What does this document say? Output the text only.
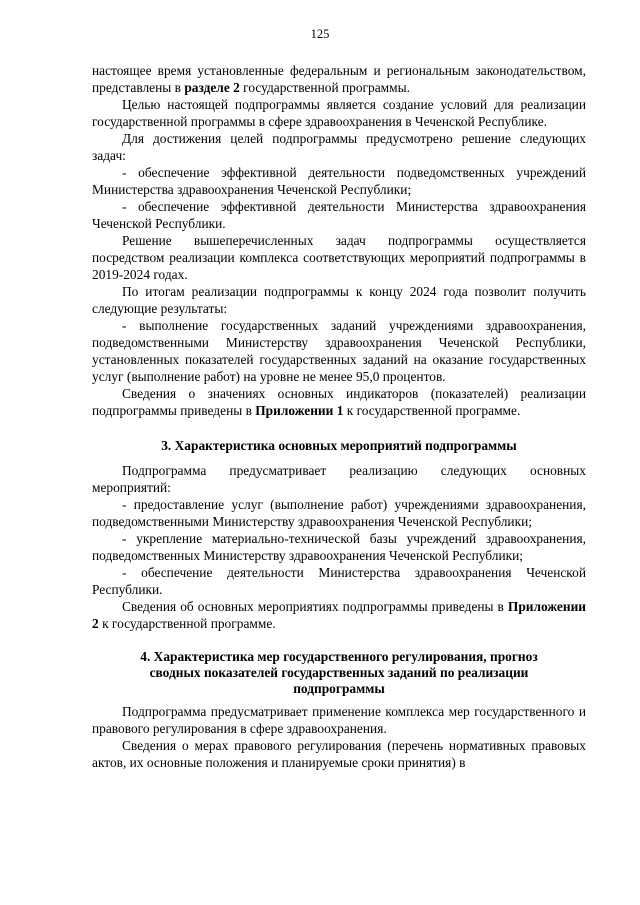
125

настоящее время установленные федеральным и региональным законодательством, представлены в разделе 2 государственной программы.

Целью настоящей подпрограммы является создание условий для реализации государственной программы в сфере здравоохранения в Чеченской Республике.

Для достижения целей подпрограммы предусмотрено решение следующих задач:

- обеспечение эффективной деятельности подведомственных учреждений Министерства здравоохранения Чеченской Республики;

- обеспечение эффективной деятельности Министерства здравоохранения Чеченской Республики.

Решение вышеперечисленных задач подпрограммы осуществляется посредством реализации комплекса соответствующих мероприятий подпрограммы в 2019-2024 годах.

По итогам реализации подпрограммы к концу 2024 года позволит получить следующие результаты:

- выполнение государственных заданий учреждениями здравоохранения, подведомственными Министерству здравоохранения Чеченской Республики, установленных показателей государственных заданий на оказание государственных услуг (выполнение работ) на уровне не менее 95,0 процентов.

Сведения о значениях основных индикаторов (показателей) реализации подпрограммы приведены в Приложении 1 к государственной программе.

3. Характеристика основных мероприятий подпрограммы

Подпрограмма предусматривает реализацию следующих основных мероприятий:

- предоставление услуг (выполнение работ) учреждениями здравоохранения, подведомственными Министерству здравоохранения Чеченской Республики;

- укрепление материально-технической базы учреждений здравоохранения, подведомственных Министерству здравоохранения Чеченской Республики;

- обеспечение деятельности Министерства здравоохранения Чеченской Республики.

Сведения об основных мероприятиях подпрограммы приведены в Приложении 2 к государственной программе.

4. Характеристика мер государственного регулирования, прогноз
сводных показателей государственных заданий по реализации
подпрограммы

Подпрограмма предусматривает применение комплекса мер государственного и правового регулирования в сфере здравоохранения.

Сведения о мерах правового регулирования (перечень нормативных правовых актов, их основные положения и планируемые сроки принятия) в
